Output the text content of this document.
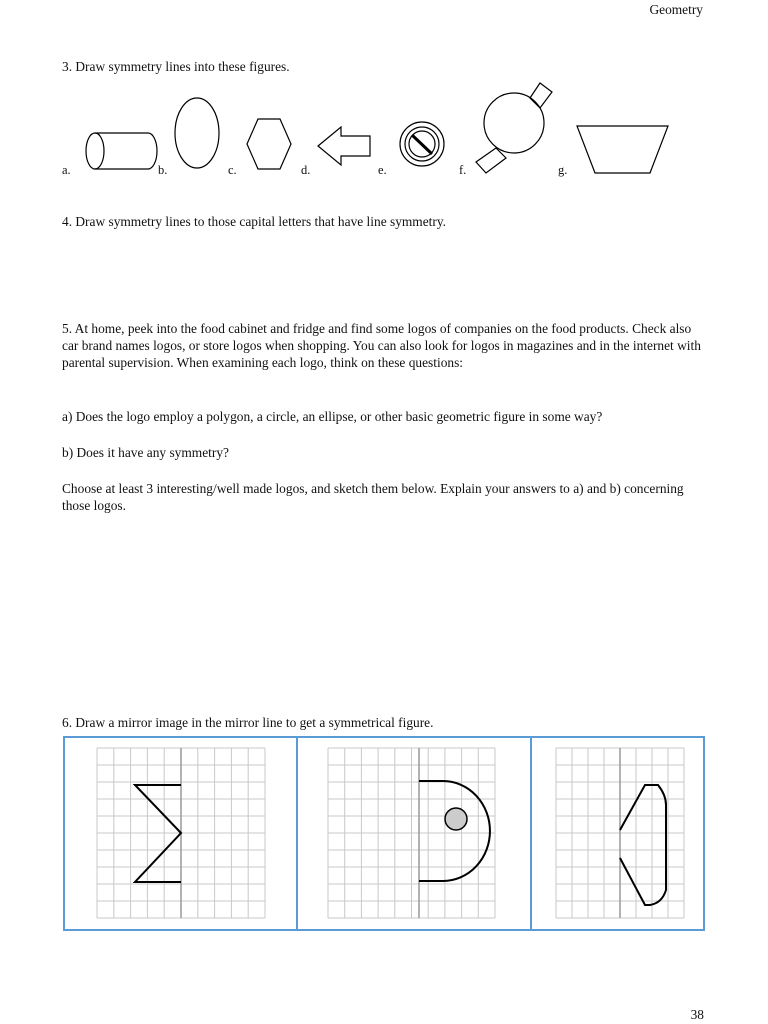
Geometry

3. Draw symmetry lines into these figures.

a.	b.	c.	d.	e.	f.	g.

4. Draw symmetry lines to those capital letters that have line symmetry.

5. At home, peek into the food cabinet and fridge and find some logos of companies on the food products. Check also car brand names logos, or store logos when shopping. You can also look for logos in magazines and in the internet with parental supervision. When examining each logo, think on these questions:

a) Does the logo employ a polygon, a circle, an ellipse, or other basic geometric figure in some way?

b) Does it have any symmetry?

Choose at least 3 interesting/well made logos, and sketch them below. Explain your answers to a) and b) concerning those logos.

6. Draw a mirror image in the mirror line to get a symmetrical figure.

38
